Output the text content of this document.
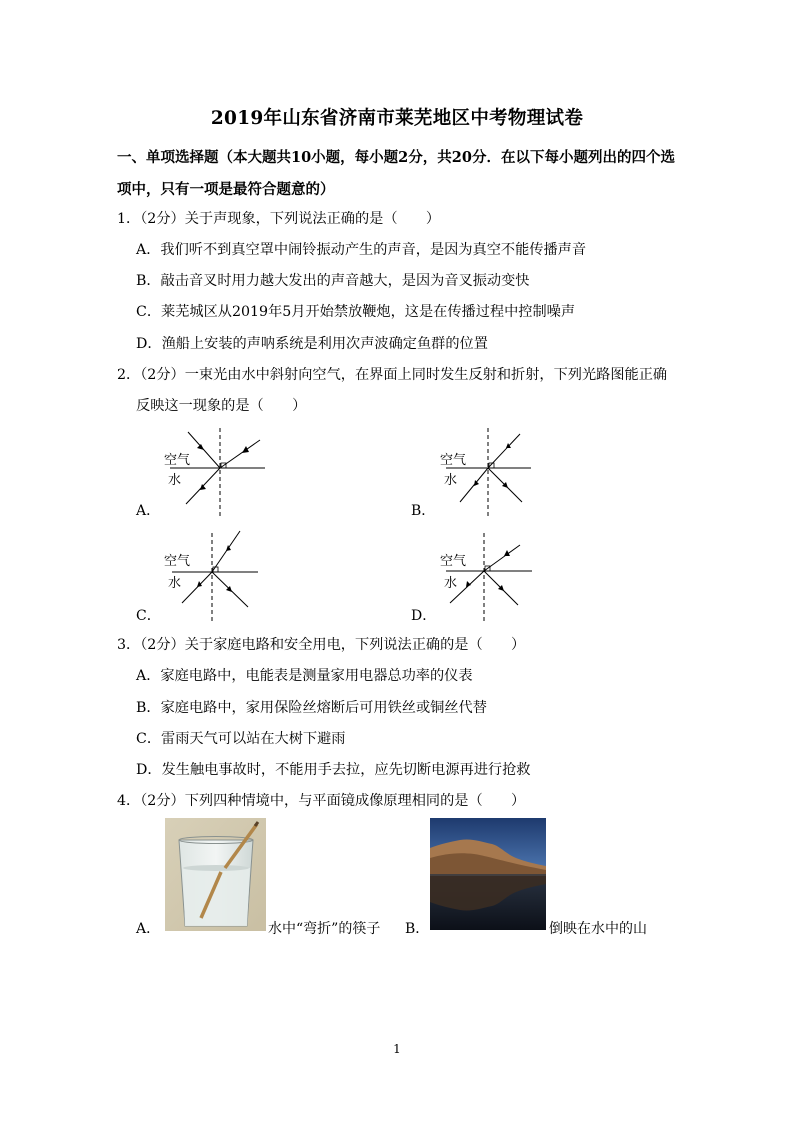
2019年山东省济南市莱芜地区中考物理试卷
一、单项选择题（本大题共10小题，每小题2分，共20分．在以下每小题列出的四个选
项中，只有一项是最符合题意的）
1．（2分）关于声现象，下列说法正确的是（　　）
A．我们听不到真空罩中闹铃振动产生的声音，是因为真空不能传播声音
B．敲击音叉时用力越大发出的声音越大，是因为音叉振动变快
C．莱芜城区从2019年5月开始禁放鞭炮，这是在传播过程中控制噪声
D．渔船上安装的声呐系统是利用次声波确定鱼群的位置
2．（2分）一束光由水中斜射向空气，在界面上同时发生反射和折射，下列光路图能正确
反映这一现象的是（　　）
A．
空气
水
B．
空气
水
C．
空气
水
D．
空气
水
3．（2分）关于家庭电路和安全用电，下列说法正确的是（　　）
A．家庭电路中，电能表是测量家用电器总功率的仪表
B．家庭电路中，家用保险丝熔断后可用铁丝或铜丝代替
C．雷雨天气可以站在大树下避雨
D．发生触电事故时，不能用手去拉，应先切断电源再进行抢救
4．（2分）下列四种情境中，与平面镜成像原理相同的是（　　）
A．	水中“弯折”的筷子 B．	倒映在水中的山
1
